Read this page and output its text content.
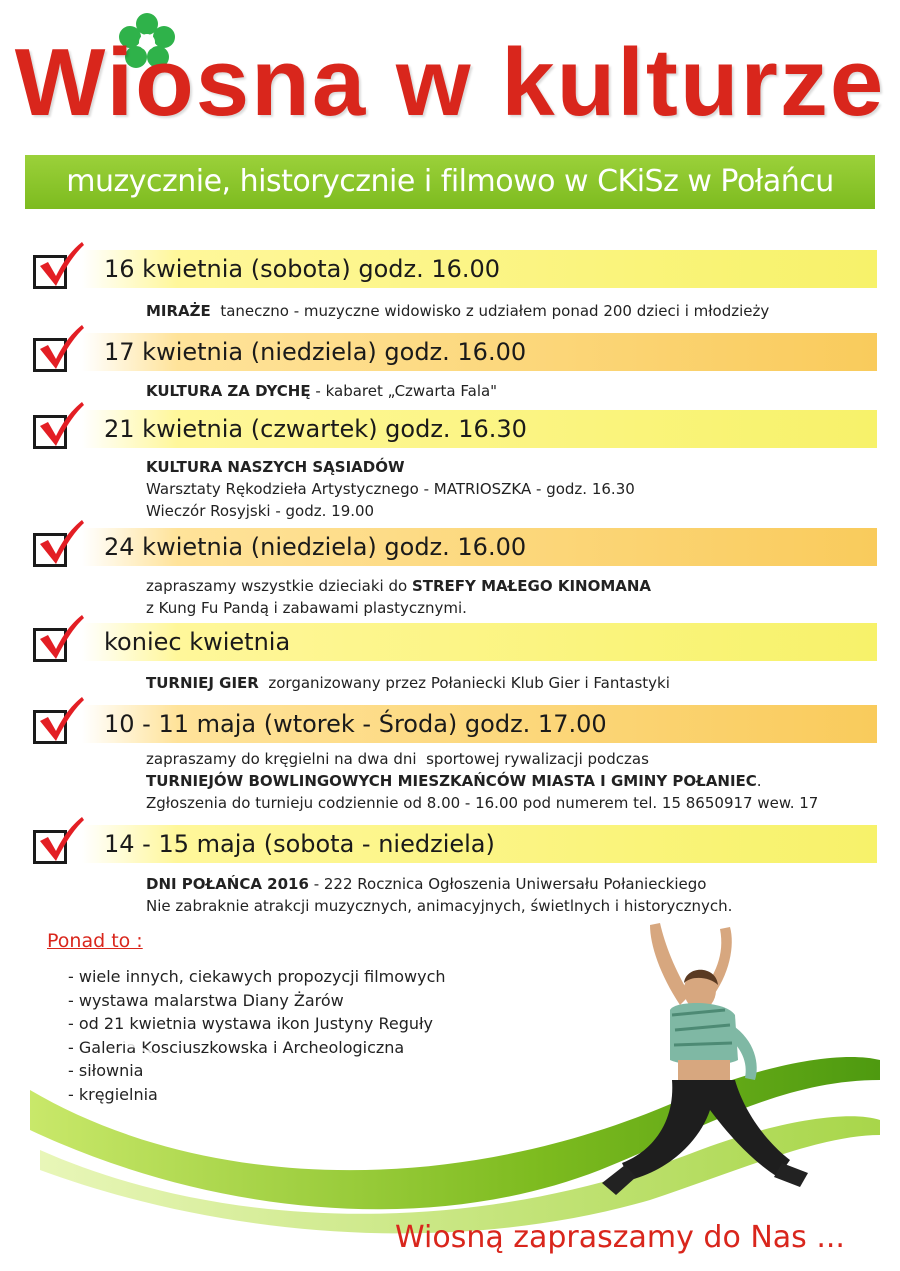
Wiosna w kulturze
muzycznie, historycznie i filmowo w CKiSz w Połańcu
16 kwietnia (sobota) godz. 16.00
MIRAŻE  taneczno - muzyczne widowisko z udziałem ponad 200 dzieci i młodzieży
17 kwietnia (niedziela) godz. 16.00
KULTURA ZA DYCHĘ - kabaret „Czwarta Fala"
21 kwietnia (czwartek) godz. 16.30
KULTURA NASZYCH SĄSIADÓW
Warsztaty Rękodzieła Artystycznego - MATRIOSZKA - godz. 16.30
Wieczór Rosyjski - godz. 19.00
24 kwietnia (niedziela) godz. 16.00
zapraszamy wszystkie dzieciaki do STREFY MAŁEGO KINOMANA
z Kung Fu Pandą i zabawami plastycznymi.
koniec kwietnia
TURNIEJ GIER  zorganizowany przez Połaniecki Klub Gier i Fantastyki
10 - 11 maja (wtorek - Środa) godz. 17.00
zapraszamy do kręgielni na dwa dni  sportowej rywalizacji podczas
TURNIEJÓW BOWLINGOWYCH MIESZKAŃCÓW MIASTA I GMINY POŁANIEC.
Zgłoszenia do turnieju codziennie od 8.00 - 16.00 pod numerem tel. 15 8650917 wew. 17
14 - 15 maja (sobota - niedziela)
DNI POŁAŃCA 2016 - 222 Rocznica Ogłoszenia Uniwersału Połanieckiego
Nie zabraknie atrakcji muzycznych, animacyjnych, świetlnych i historycznych.
Ponad to :
- wiele innych, ciekawych propozycji filmowych
- wystawa malarstwa Diany Żarów
- od 21 kwietnia wystawa ikon Justyny Reguły
- Galeria Kosciuszkowska i Archeologiczna
- siłownia
- kręgielnia
Wiosną zapraszamy do Nas ...
